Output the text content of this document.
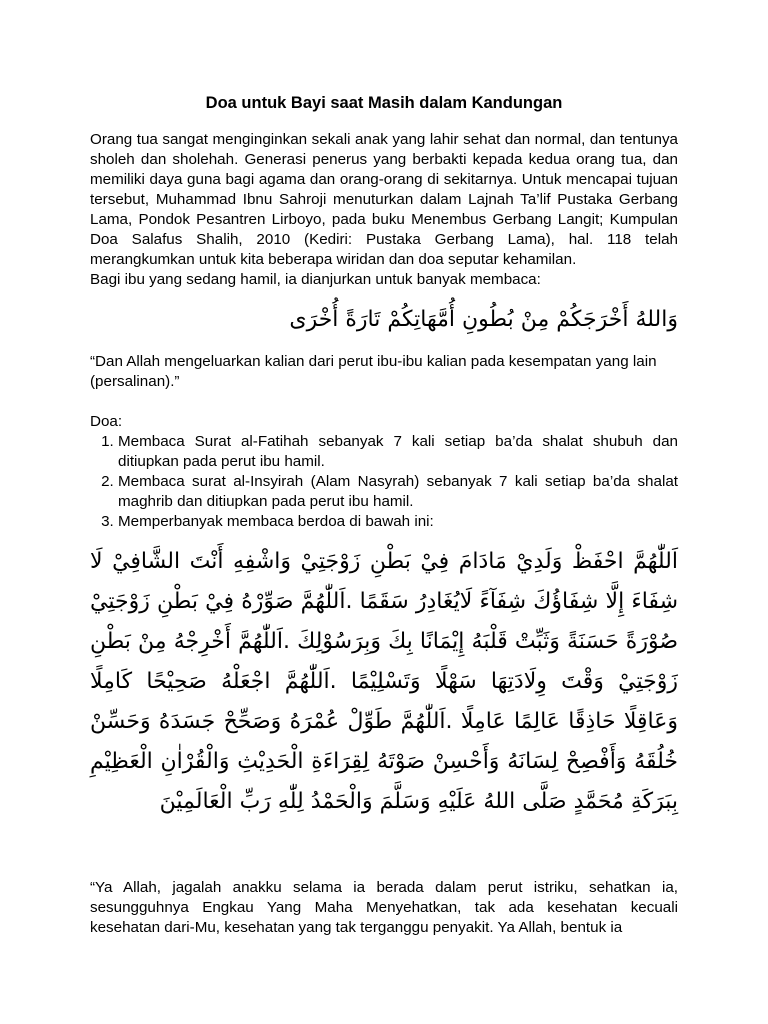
Doa untuk Bayi saat Masih dalam Kandungan

Orang tua sangat menginginkan sekali anak yang lahir sehat dan normal, dan tentunya sholeh dan sholehah. Generasi penerus yang berbakti kepada kedua orang tua, dan memiliki daya guna bagi agama dan orang-orang di sekitarnya. Untuk mencapai tujuan tersebut, Muhammad Ibnu Sahroji menuturkan dalam Lajnah Ta’lif Pustaka Gerbang Lama, Pondok Pesantren Lirboyo, pada buku Menembus Gerbang Langit; Kumpulan Doa Salafus Shalih, 2010 (Kediri: Pustaka Gerbang Lama), hal. 118 telah merangkumkan untuk kita beberapa wiridan dan doa seputar kehamilan.

Bagi ibu yang sedang hamil, ia dianjurkan untuk banyak membaca:

وَاللهُ أَخْرَجَكُمْ مِنْ بُطُونِ أُمَّهَاتِكُمْ تَارَةً أُخْرَى

“Dan Allah mengeluarkan kalian dari perut ibu-ibu kalian pada kesempatan yang lain (persalinan).”

Doa:

1. Membaca Surat al-Fatihah sebanyak 7 kali setiap ba’da shalat shubuh dan ditiupkan pada perut ibu hamil.
2. Membaca surat al-Insyirah (Alam Nasyrah) sebanyak 7 kali setiap ba’da shalat maghrib dan ditiupkan pada perut ibu hamil.
3. Memperbanyak membaca berdoa di bawah ini:
اَللّٰهُمَّ احْفَظْ وَلَدِيْ مَادَامَ فِيْ بَطْنِ زَوْجَتِيْ وَاشْفِهِ أَنْتَ الشَّافِيْ لَا شِفَاءَ إِلَّا شِفَاؤُكَ شِفَآءً لَايُغَادِرُ سَقَمًا .اَللّٰهُمَّ صَوِّرْهُ فِيْ بَطْنِ زَوْجَتِيْ صُوْرَةً حَسَنَةً وَثَبِّتْ قَلْبَهُ إِيْمَانًا بِكَ وَبِرَسُوْلِكَ .اَللّٰهُمَّ أَخْرِجْهُ مِنْ بَطْنِ زَوْجَتِيْ وَقْتَ وِلَادَتِهَا سَهْلًا وَتَسْلِيْمًا .اَللّٰهُمَّ اجْعَلْهُ صَحِيْحًا كَامِلًا وَعَاقِلًا حَاذِقًا عَالِمًا عَامِلًا .اَللّٰهُمَّ طَوِّلْ عُمْرَهُ وَصَحِّحْ جَسَدَهُ وَحَسِّنْ خُلُقَهُ وَأَفْصِحْ لِسَانَهُ وَأَحْسِنْ صَوْتَهُ لِقِرَاءَةِ الْحَدِيْثِ وَالْقُرْاٰنِ الْعَظِيْمِ بِبَرَكَةِ مُحَمَّدٍ صَلَّى اللهُ عَلَيْهِ وَسَلَّمَ وَالْحَمْدُ لِلّٰهِ رَبِّ الْعَالَمِيْنَ

“Ya Allah, jagalah anakku selama ia berada dalam perut istriku, sehatkan ia, sesungguhnya Engkau Yang Maha Menyehatkan, tak ada kesehatan kecuali kesehatan dari-Mu, kesehatan yang tak terganggu penyakit. Ya Allah, bentuk ia
